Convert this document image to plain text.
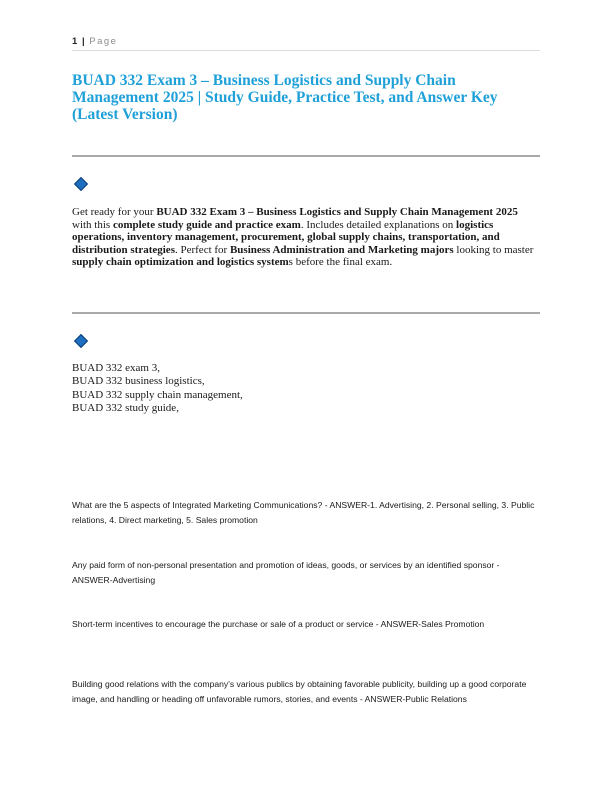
1 | Page
BUAD 332 Exam 3 – Business Logistics and Supply Chain Management 2025 | Study Guide, Practice Test, and Answer Key (Latest Version)

Get ready for your BUAD 332 Exam 3 – Business Logistics and Supply Chain Management 2025 with this complete study guide and practice exam. Includes detailed explanations on logistics operations, inventory management, procurement, global supply chains, transportation, and distribution strategies. Perfect for Business Administration and Marketing majors looking to master supply chain optimization and logistics systems before the final exam.

BUAD 332 exam 3,
BUAD 332 business logistics,
BUAD 332 supply chain management,
BUAD 332 study guide,

What are the 5 aspects of Integrated Marketing Communications? - ANSWER-1. Advertising, 2. Personal selling, 3. Public relations, 4. Direct marketing, 5. Sales promotion

Any paid form of non-personal presentation and promotion of ideas, goods, or services by an identified sponsor - ANSWER-Advertising

Short-term incentives to encourage the purchase or sale of a product or service - ANSWER-Sales Promotion

Building good relations with the company's various publics by obtaining favorable publicity, building up a good corporate image, and handling or heading off unfavorable rumors, stories, and events - ANSWER-Public Relations
